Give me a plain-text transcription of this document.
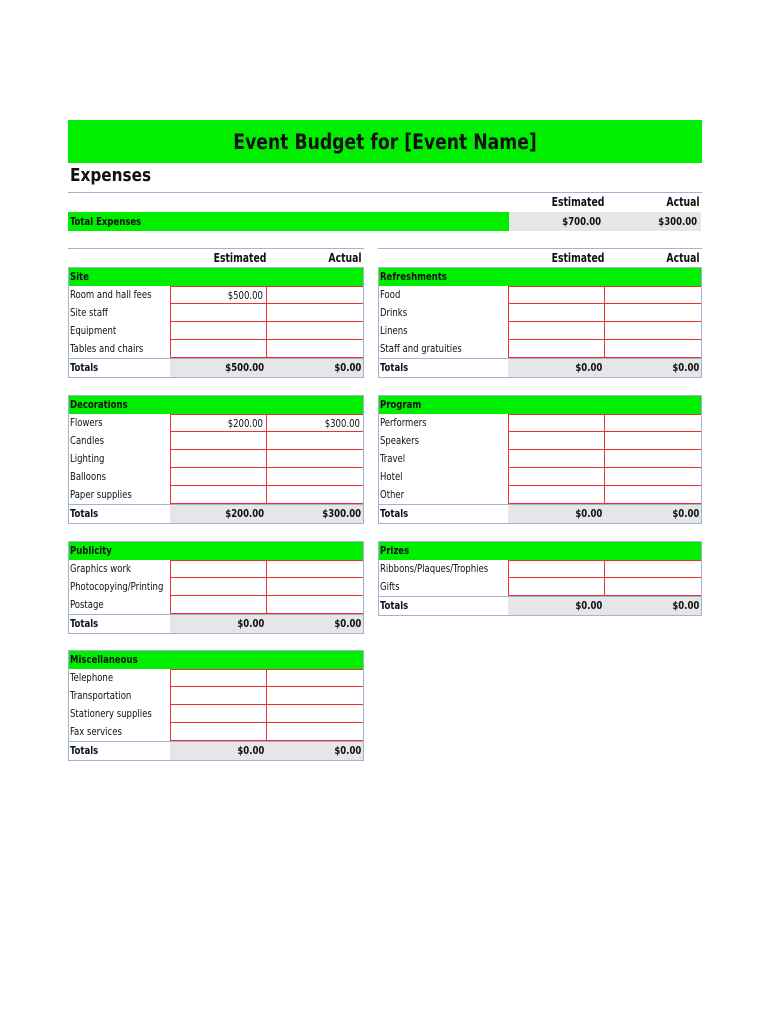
Event Budget for [Event Name]
Expenses
Estimated	Actual
Total Expenses	$700.00	$300.00
Estimated	Actual	Estimated	Actual
Site
Room and hall fees	$500.00
Site staff
Equipment
Tables and chairs
Totals	$500.00	$0.00
Refreshments
Food
Drinks
Linens
Staff and gratuities
Totals	$0.00	$0.00
Decorations
Flowers	$200.00	$300.00
Candles
Lighting
Balloons
Paper supplies
Totals	$200.00	$300.00
Program
Performers
Speakers
Travel
Hotel
Other
Totals	$0.00	$0.00
Publicity
Graphics work
Photocopying/Printing
Postage
Totals	$0.00	$0.00
Prizes
Ribbons/Plaques/Trophies
Gifts
Totals	$0.00	$0.00
Miscellaneous
Telephone
Transportation
Stationery supplies
Fax services
Totals	$0.00	$0.00
